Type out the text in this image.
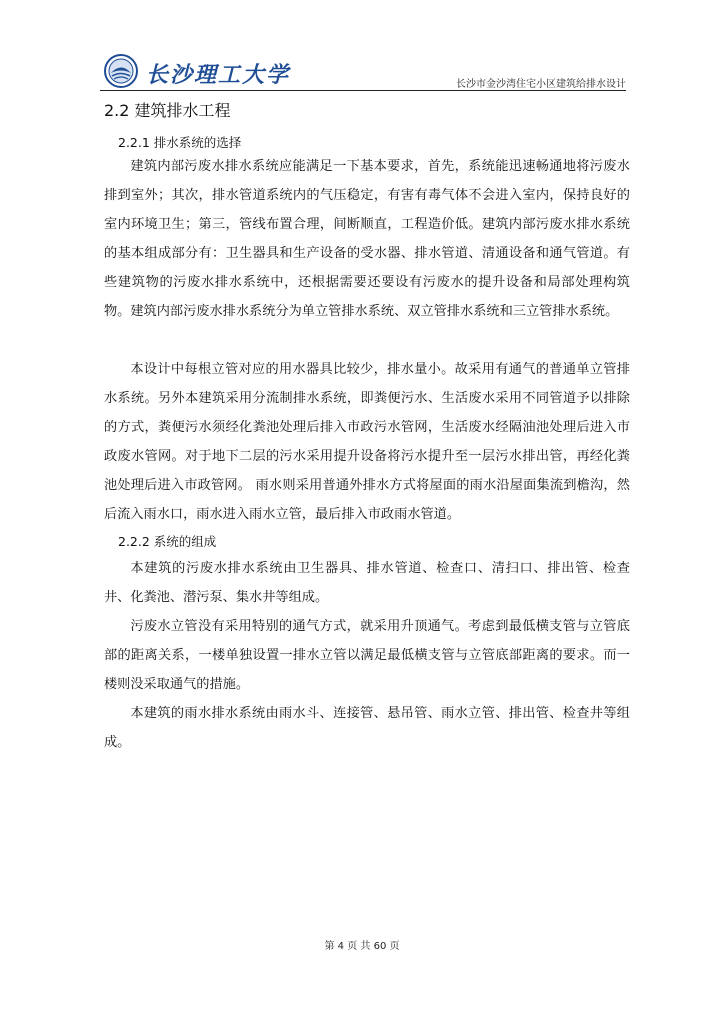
长沙理工大学	长沙市金沙湾住宅小区建筑给排水设计
2.2 建筑排水工程
2.2.1 排水系统的选择

建筑内部污废水排水系统应能满足一下基本要求，首先，系统能迅速畅通地将污废水排到室外；其次，排水管道系统内的气压稳定，有害有毒气体不会进入室内，保持良好的室内环境卫生；第三，管线布置合理，间断顺直，工程造价低。建筑内部污废水排水系统的基本组成部分有：卫生器具和生产设备的受水器、排水管道、清通设备和通气管道。有些建筑物的污废水排水系统中，还根据需要还要设有污废水的提升设备和局部处理构筑物。建筑内部污废水排水系统分为单立管排水系统、双立管排水系统和三立管排水系统。

本设计中每根立管对应的用水器具比较少，排水量小。故采用有通气的普通单立管排水系统。另外本建筑采用分流制排水系统，即粪便污水、生活废水采用不同管道予以排除的方式，粪便污水须经化粪池处理后排入市政污水管网，生活废水经隔油池处理后进入市政废水管网。对于地下二层的污水采用提升设备将污水提升至一层污水排出管，再经化粪池处理后进入市政管网。 雨水则采用普通外排水方式将屋面的雨水沿屋面集流到檐沟，然后流入雨水口，雨水进入雨水立管，最后排入市政雨水管道。

2.2.2 系统的组成

本建筑的污废水排水系统由卫生器具、排水管道、检查口、清扫口、排出管、检查井、化粪池、潜污泵、集水井等组成。

污废水立管没有采用特别的通气方式，就采用升顶通气。考虑到最低横支管与立管底部的距离关系，一楼单独设置一排水立管以满足最低横支管与立管底部距离的要求。而一楼则没采取通气的措施。

本建筑的雨水排水系统由雨水斗、连接管、悬吊管、雨水立管、排出管、检查井等组成。

第 4 页 共 60 页
